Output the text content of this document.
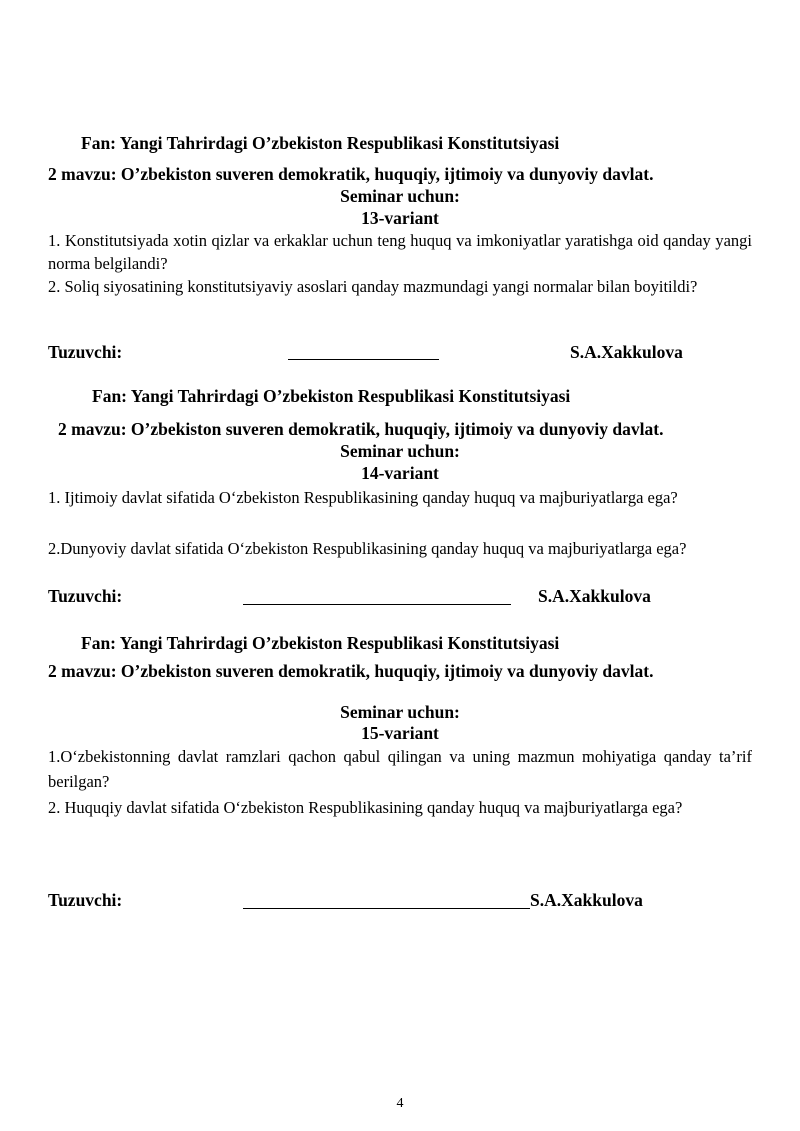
Fan: Yangi Tahrirdagi O’zbekiston Respublikasi Konstitutsiyasi

2 mavzu: O’zbekiston suveren demokratik, huquqiy, ijtimoiy va dunyoviy davlat.

Seminar uchun:

13-variant

1. Konstitutsiyada xotin qizlar va erkaklar uchun teng huquq va imkoniyatlar yaratishga oid qanday yangi norma belgilandi?

2. Soliq siyosatining konstitutsiyaviy asoslari qanday mazmundagi yangi normalar bilan boyitildi?

Tuzuvchi:	S.A.Xakkulova

Fan: Yangi Tahrirdagi O’zbekiston Respublikasi Konstitutsiyasi

2 mavzu: O’zbekiston suveren demokratik, huquqiy, ijtimoiy va dunyoviy davlat.

Seminar uchun:

14-variant

1. Ijtimoiy davlat sifatida O‘zbekiston Respublikasining qanday huquq va majburiyatlarga ega?

2.Dunyoviy davlat sifatida O‘zbekiston Respublikasining qanday huquq va majburiyatlarga ega?

Tuzuvchi:	S.A.Xakkulova

Fan: Yangi Tahrirdagi O’zbekiston Respublikasi Konstitutsiyasi

2 mavzu: O’zbekiston suveren demokratik, huquqiy, ijtimoiy va dunyoviy davlat.

Seminar uchun:

15-variant

1.O‘zbekistonning davlat ramzlari qachon qabul qilingan va uning mazmun mohiyatiga qanday ta’rif berilgan?

2. Huquqiy davlat sifatida O‘zbekiston Respublikasining qanday huquq va majburiyatlarga ega?

Tuzuvchi:	S.A.Xakkulova

4
